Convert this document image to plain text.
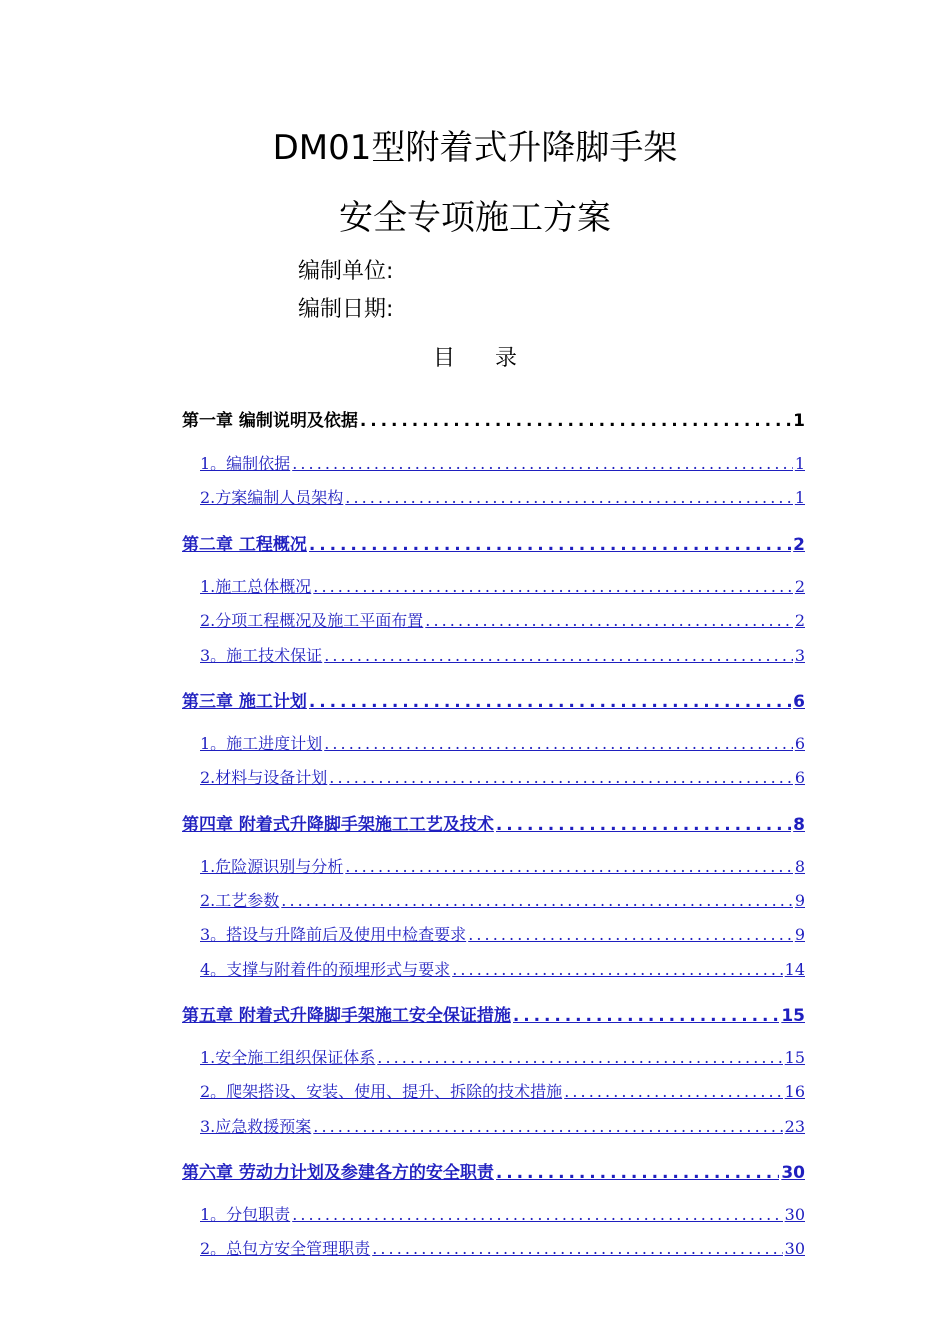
DM01型附着式升降脚手架
安全专项施工方案
编制单位:
编制日期:
目录
第一章 编制说明及依据 . . .	1
1。编制依据 . . .	1
2.方案编制人员架构 . . .	1
第二章 工程概况 . . .	2
1.施工总体概况 . . .	2
2.分项工程概况及施工平面布置 . . .	2
3。施工技术保证 . . .	3
第三章 施工计划 . . .	6
1。施工进度计划 . . .	6
2.材料与设备计划 . . .	6
第四章 附着式升降脚手架施工工艺及技术 . . .	8
1.危险源识别与分析 . . .	8
2.工艺参数 . . .	9
3。搭设与升降前后及使用中检查要求 . . .	9
4。支撑与附着件的预埋形式与要求 . . .	14
第五章 附着式升降脚手架施工安全保证措施 . . .	15
1.安全施工组织保证体系 . . .	15
2。爬架搭设、安装、使用、提升、拆除的技术措施 . . .	16
3.应急救援预案 . . .	23
第六章 劳动力计划及参建各方的安全职责 . . .	30
1。分包职责 . . .	30
2。总包方安全管理职责 . . .	30
